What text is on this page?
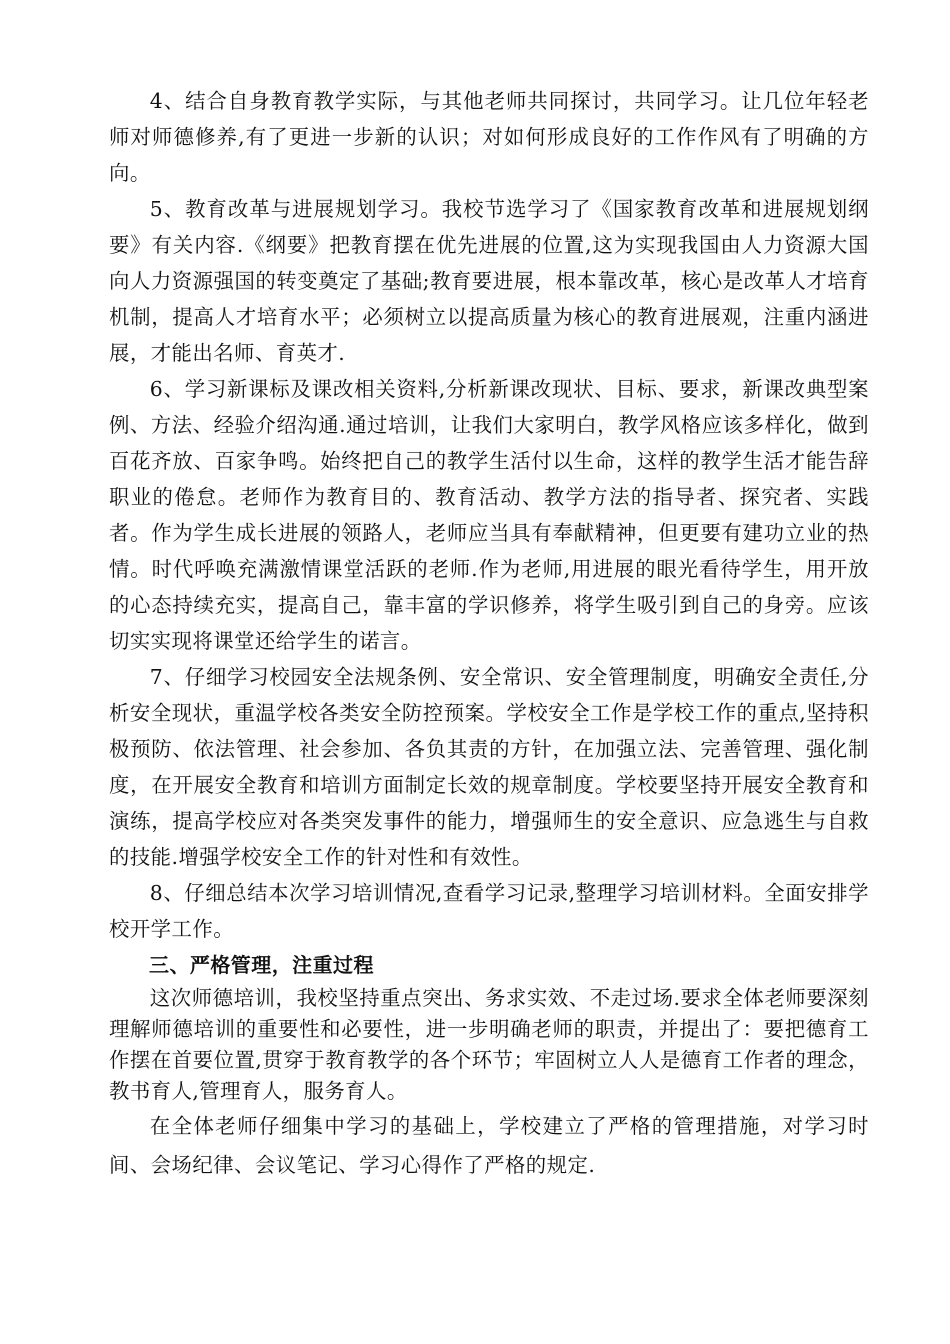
4、结合自身教育教学实际，与其他老师共同探讨，共同学习。让几位年轻老师对师德修养,有了更进一步新的认识；对如何形成良好的工作作风有了明确的方向。

5、教育改革与进展规划学习。我校节选学习了《国家教育改革和进展规划纲要》有关内容.《纲要》把教育摆在优先进展的位置,这为实现我国由人力资源大国向人力资源强国的转变奠定了基础;教育要进展，根本靠改革，核心是改革人才培育机制，提高人才培育水平；必须树立以提高质量为核心的教育进展观，注重内涵进展，才能出名师、育英才.

6、学习新课标及课改相关资料,分析新课改现状、目标、要求，新课改典型案例、方法、经验介绍沟通.通过培训，让我们大家明白，教学风格应该多样化，做到百花齐放、百家争鸣。始终把自己的教学生活付以生命，这样的教学生活才能告辞职业的倦怠。老师作为教育目的、教育活动、教学方法的指导者、探究者、实践者。作为学生成长进展的领路人，老师应当具有奉献精神，但更要有建功立业的热情。时代呼唤充满激情课堂活跃的老师.作为老师,用进展的眼光看待学生，用开放的心态持续充实，提高自己，靠丰富的学识修养，将学生吸引到自己的身旁。应该切实实现将课堂还给学生的诺言。

7、仔细学习校园安全法规条例、安全常识、安全管理制度，明确安全责任,分析安全现状，重温学校各类安全防控预案。学校安全工作是学校工作的重点,坚持积极预防、依法管理、社会参加、各负其责的方针，在加强立法、完善管理、强化制度，在开展安全教育和培训方面制定长效的规章制度。学校要坚持开展安全教育和演练，提高学校应对各类突发事件的能力，增强师生的安全意识、应急逃生与自救的技能.增强学校安全工作的针对性和有效性。

8、仔细总结本次学习培训情况,查看学习记录,整理学习培训材料。全面安排学校开学工作。

三、严格管理，注重过程

这次师德培训，我校坚持重点突出、务求实效、不走过场.要求全体老师要深刻理解师德培训的重要性和必要性，进一步明确老师的职责，并提出了：要把德育工作摆在首要位置,贯穿于教育教学的各个环节；牢固树立人人是德育工作者的理念，教书育人,管理育人，服务育人。

在全体老师仔细集中学习的基础上，学校建立了严格的管理措施，对学习时间、会场纪律、会议笔记、学习心得作了严格的规定.
